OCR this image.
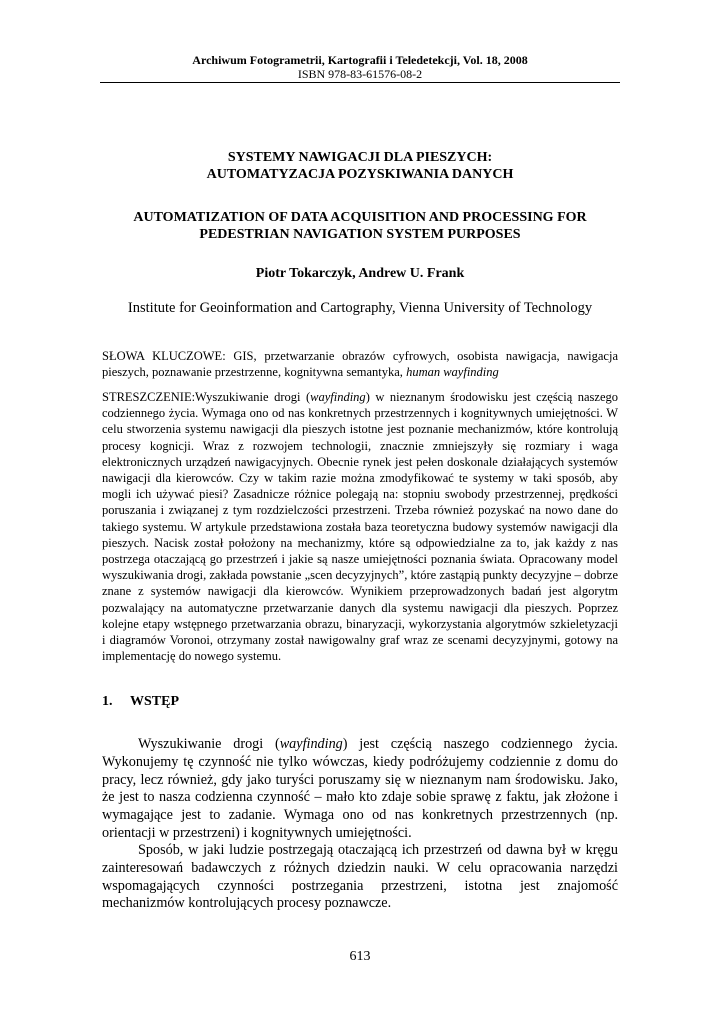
Archiwum Fotogrametrii, Kartografii i Teledetekcji, Vol. 18, 2008
ISBN 978-83-61576-08-2
SYSTEMY NAWIGACJI DLA PIESZYCH:
AUTOMATYZACJA POZYSKIWANIA DANYCH
AUTOMATIZATION OF DATA ACQUISITION AND PROCESSING FOR
PEDESTRIAN NAVIGATION SYSTEM PURPOSES
Piotr Tokarczyk, Andrew U. Frank
Institute for Geoinformation and Cartography, Vienna University of Technology
SŁOWA KLUCZOWE: GIS, przetwarzanie obrazów cyfrowych, osobista nawigacja, nawigacja pieszych, poznawanie przestrzenne, kognitywna semantyka, human wayfinding
STRESZCZENIE:Wyszukiwanie drogi (wayfinding) w nieznanym środowisku jest częścią naszego codziennego życia. Wymaga ono od nas konkretnych przestrzennych i kognitywnych umiejętności. W celu stworzenia systemu nawigacji dla pieszych istotne jest poznanie mechanizmów, które kontrolują procesy kognicji. Wraz z rozwojem technologii, znacznie zmniejszyły się rozmiary i waga elektronicznych urządzeń nawigacyjnych. Obecnie rynek jest pełen doskonale działających systemów nawigacji dla kierowców. Czy w takim razie można zmodyfikować te systemy w taki sposób, aby mogli ich używać piesi? Zasadnicze różnice polegają na: stopniu swobody przestrzennej, prędkości poruszania i związanej z tym rozdzielczości przestrzeni. Trzeba również pozyskać na nowo dane do takiego systemu. W artykule przedstawiona została baza teoretyczna budowy systemów nawigacji dla pieszych. Nacisk został położony na mechanizmy, które są odpowiedzialne za to, jak każdy z nas postrzega otaczającą go przestrzeń i jakie są nasze umiejętności poznania świata. Opracowany model wyszukiwania drogi, zakłada powstanie „scen decyzyjnych”, które zastąpią punkty decyzyjne – dobrze znane z systemów nawigacji dla kierowców. Wynikiem przeprowadzonych badań jest algorytm pozwalający na automatyczne przetwarzanie danych dla systemu nawigacji dla pieszych. Poprzez kolejne etapy wstępnego przetwarzania obrazu, binaryzacji, wykorzystania algorytmów szkieletyzacji i diagramów Voronoi, otrzymany został nawigowalny graf wraz ze scenami decyzyjnymi, gotowy na implementację do nowego systemu.
1. WSTĘP
Wyszukiwanie drogi (wayfinding) jest częścią naszego codziennego życia. Wykonujemy tę czynność nie tylko wówczas, kiedy podróżujemy codziennie z domu do pracy, lecz również, gdy jako turyści poruszamy się w nieznanym nam środowisku. Jako, że jest to nasza codzienna czynność – mało kto zdaje sobie sprawę z faktu, jak złożone i wymagające jest to zadanie. Wymaga ono od nas konkretnych przestrzennych (np. orientacji w przestrzeni) i kognitywnych umiejętności.
Sposób, w jaki ludzie postrzegają otaczającą ich przestrzeń od dawna był w kręgu zainteresowań badawczych z różnych dziedzin nauki. W celu opracowania narzędzi wspomagających czynności postrzegania przestrzeni, istotna jest znajomość mechanizmów kontrolujących procesy poznawcze.
613
